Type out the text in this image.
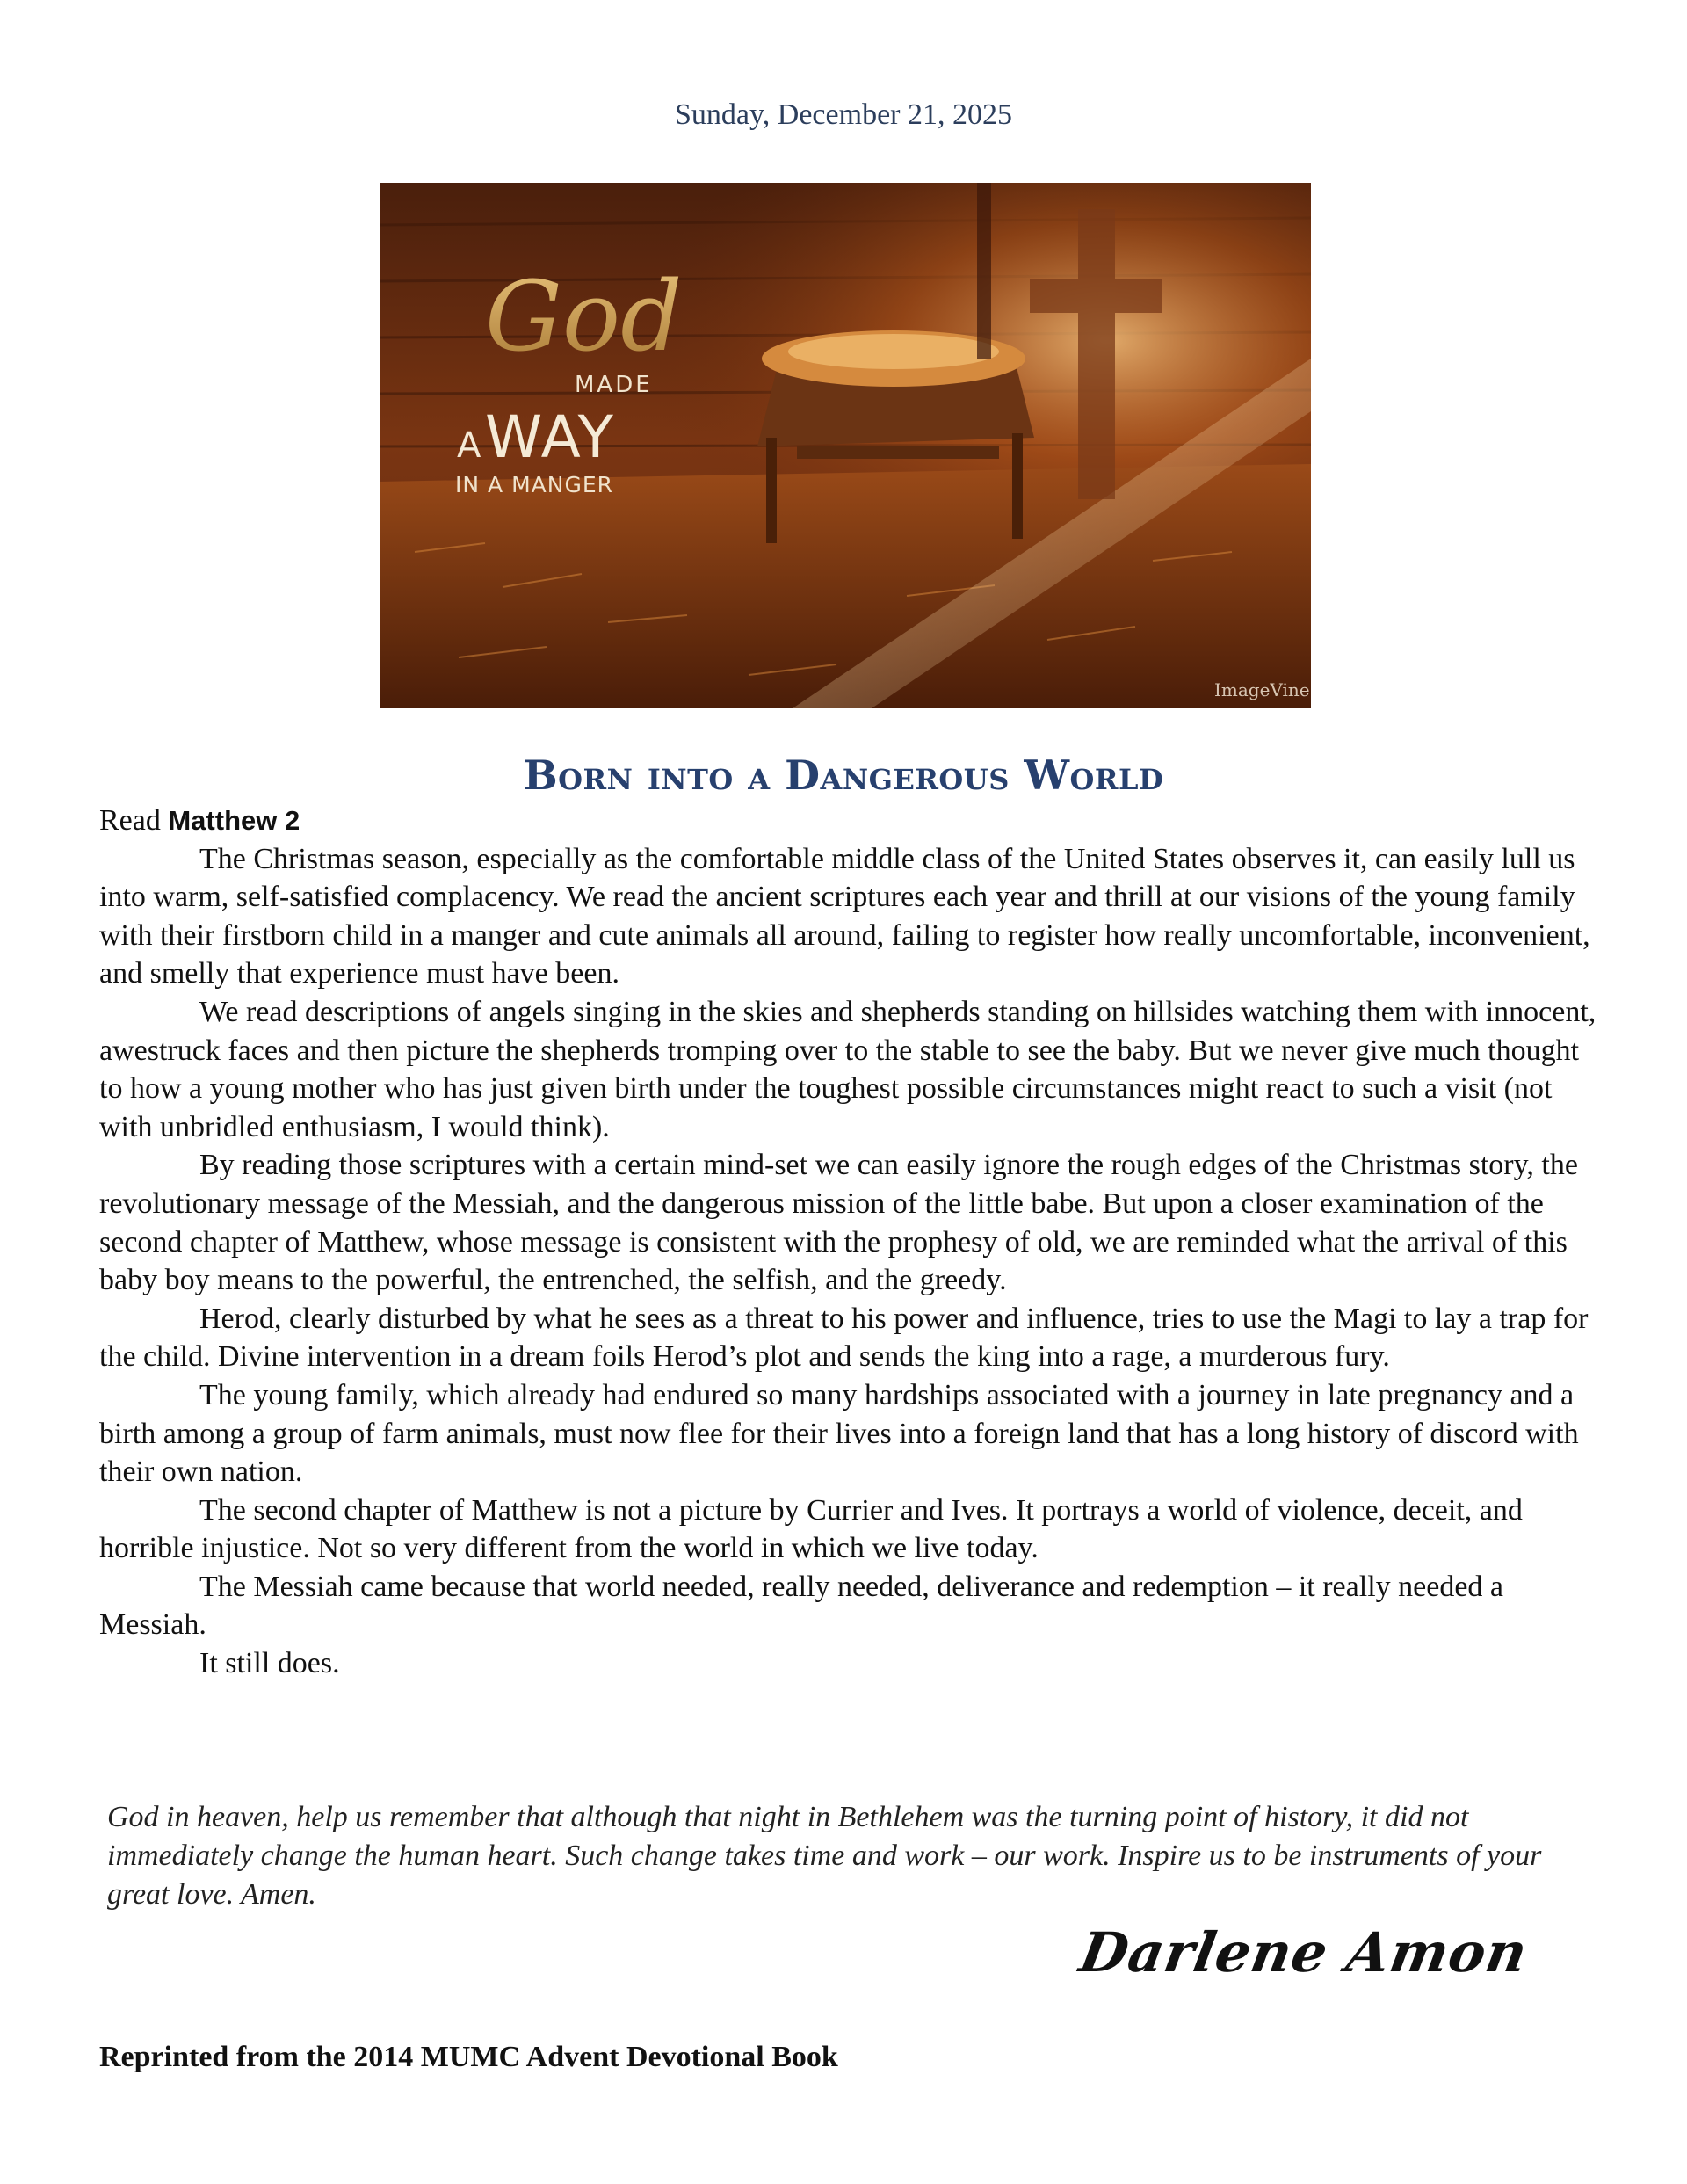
Sunday, December 21, 2025
God
MADE
A WAY
IN A MANGER
ImageVine
Born into a Dangerous World

Read Matthew 2

The Christmas season, especially as the comfortable middle class of the United States observes it, can easily lull us into warm, self-satisfied complacency. We read the ancient scriptures each year and thrill at our visions of the young family with their firstborn child in a manger and cute animals all around, failing to register how really uncomfortable, inconvenient, and smelly that experience must have been.

We read descriptions of angels singing in the skies and shepherds standing on hillsides watching them with innocent, awestruck faces and then picture the shepherds tromping over to the stable to see the baby. But we never give much thought to how a young mother who has just given birth under the toughest possible circumstances might react to such a visit (not with unbridled enthusiasm, I would think).

By reading those scriptures with a certain mind-set we can easily ignore the rough edges of the Christmas story, the revolutionary message of the Messiah, and the dangerous mission of the little babe. But upon a closer examination of the second chapter of Matthew, whose message is consistent with the prophesy of old, we are reminded what the arrival of this baby boy means to the powerful, the entrenched, the selfish, and the greedy.

Herod, clearly disturbed by what he sees as a threat to his power and influence, tries to use the Magi to lay a trap for the child. Divine intervention in a dream foils Herod’s plot and sends the king into a rage, a murderous fury.

The young family, which already had endured so many hardships associated with a journey in late pregnancy and a birth among a group of farm animals, must now flee for their lives into a foreign land that has a long history of discord with their own nation.

The second chapter of Matthew is not a picture by Currier and Ives. It portrays a world of violence, deceit, and horrible injustice. Not so very different from the world in which we live today.

The Messiah came because that world needed, really needed, deliverance and redemption – it really needed a Messiah.

It still does.

God in heaven, help us remember that although that night in Bethlehem was the turning point of history, it did not immediately change the human heart. Such change takes time and work – our work. Inspire us to be instruments of your great love. Amen.
Darlene Amon
Reprinted from the 2014 MUMC Advent Devotional Book
